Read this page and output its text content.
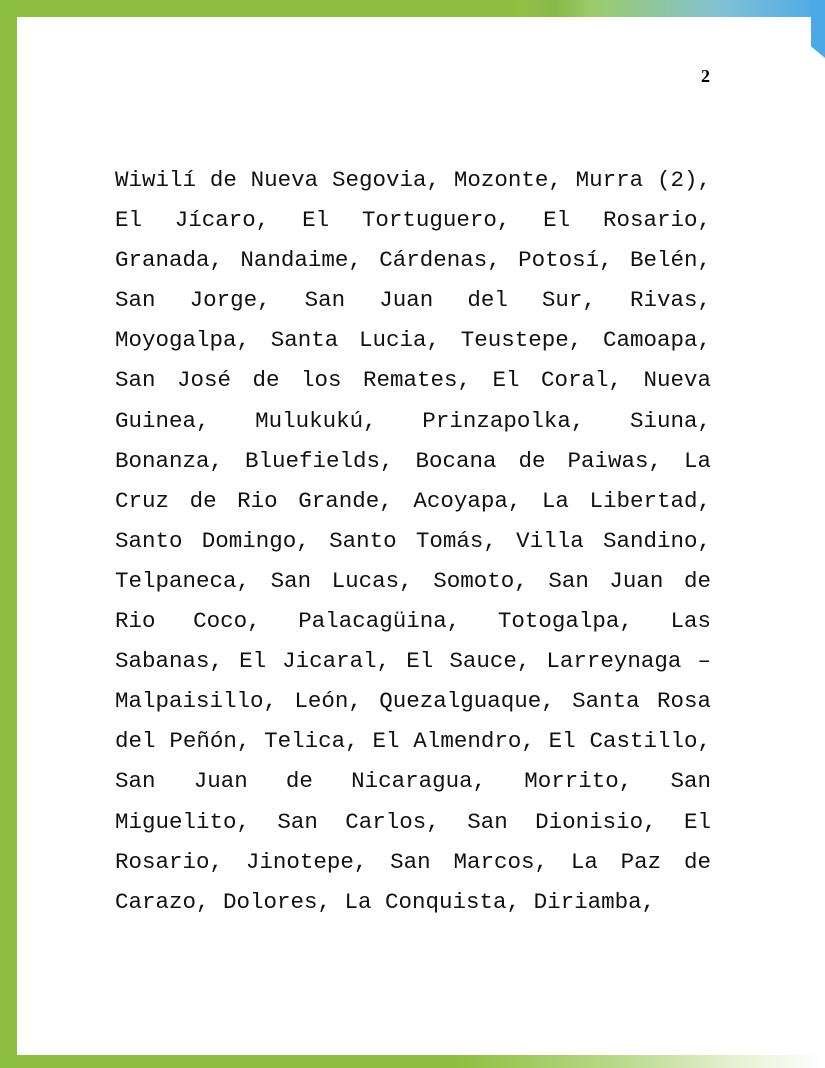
2

Wiwilí de Nueva Segovia, Mozonte, Murra (2), El Jícaro, El Tortuguero, El Rosario, Granada, Nandaime, Cárdenas, Potosí, Belén, San Jorge, San Juan del Sur, Rivas, Moyogalpa, Santa Lucia, Teustepe, Camoapa, San José de los Remates, El Coral, Nueva Guinea, Mulukukú, Prinzapolka, Siuna, Bonanza, Bluefields, Bocana de Paiwas, La Cruz de Rio Grande, Acoyapa, La Libertad, Santo Domingo, Santo Tomás, Villa Sandino, Telpaneca, San Lucas, Somoto, San Juan de Rio Coco, Palacagüina, Totogalpa, Las Sabanas, El Jicaral, El Sauce, Larreynaga – Malpaisillo, León, Quezalguaque, Santa Rosa del Peñón, Telica, El Almendro, El Castillo, San Juan de Nicaragua, Morrito, San Miguelito, San Carlos, San Dionisio, El Rosario, Jinotepe, San Marcos, La Paz de Carazo, Dolores, La Conquista, Diriamba,
